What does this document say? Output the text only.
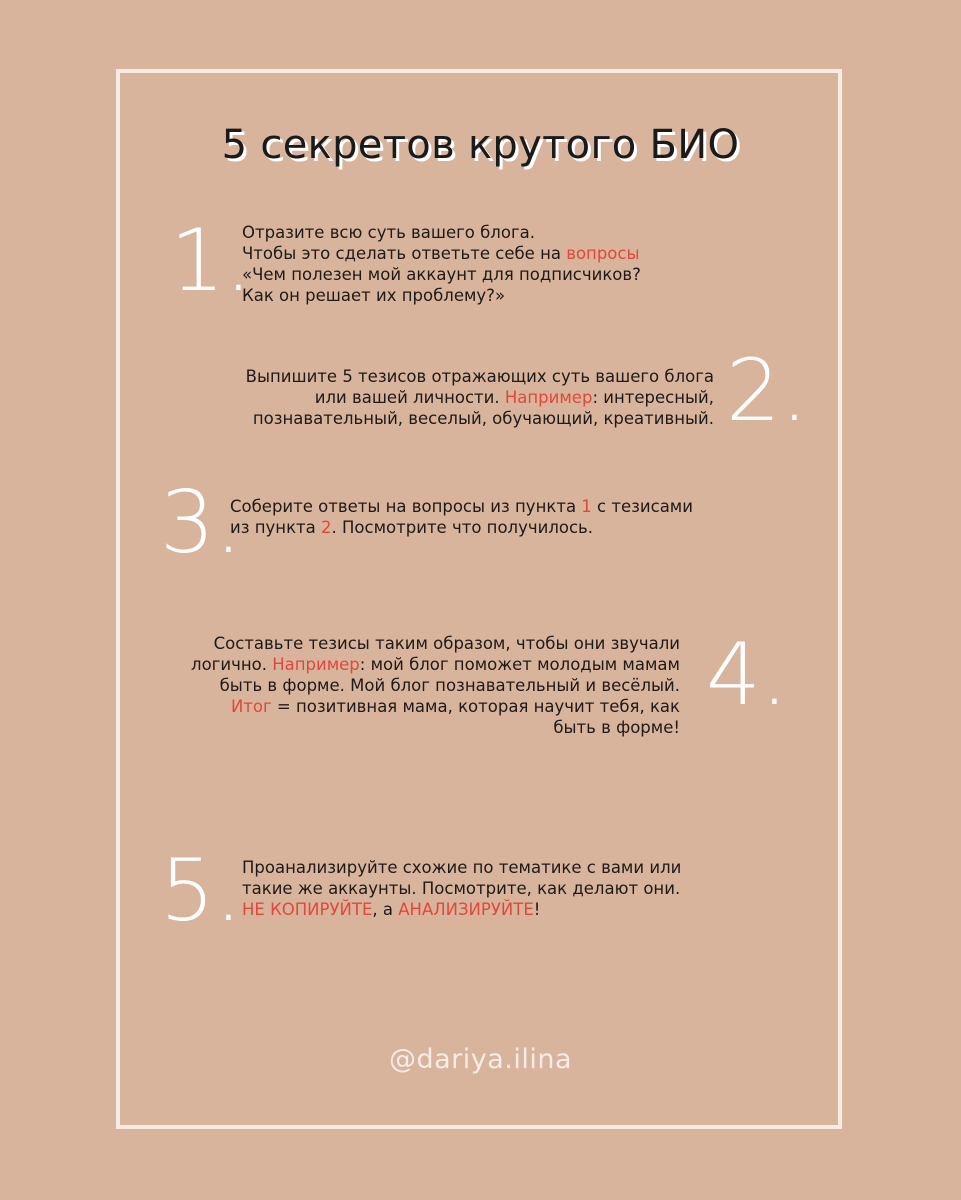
5 секретов крутого БИО
1.
Отразите всю суть вашего блога.
Чтобы это сделать ответьте себе на вопросы
«Чем полезен мой аккаунт для подписчиков?
Как он решает их проблему?»
2.
Выпишите 5 тезисов отражающих суть вашего блога
или вашей личности. Например: интересный,
познавательный, веселый, обучающий, креативный.
3.
Соберите ответы на вопросы из пункта 1 с тезисами
из пункта 2. Посмотрите что получилось.
4.
Составьте тезисы таким образом, чтобы они звучали
логично. Например: мой блог поможет молодым мамам
быть в форме. Мой блог познавательный и весёлый.
Итог = позитивная мама, которая научит тебя, как
быть в форме!
5. Проанализируйте схожие по тематике с вами или
такие же аккаунты. Посмотрите, как делают они.
НЕ КОПИРУЙТЕ, а АНАЛИЗИРУЙТЕ!
@dariya.ilina
